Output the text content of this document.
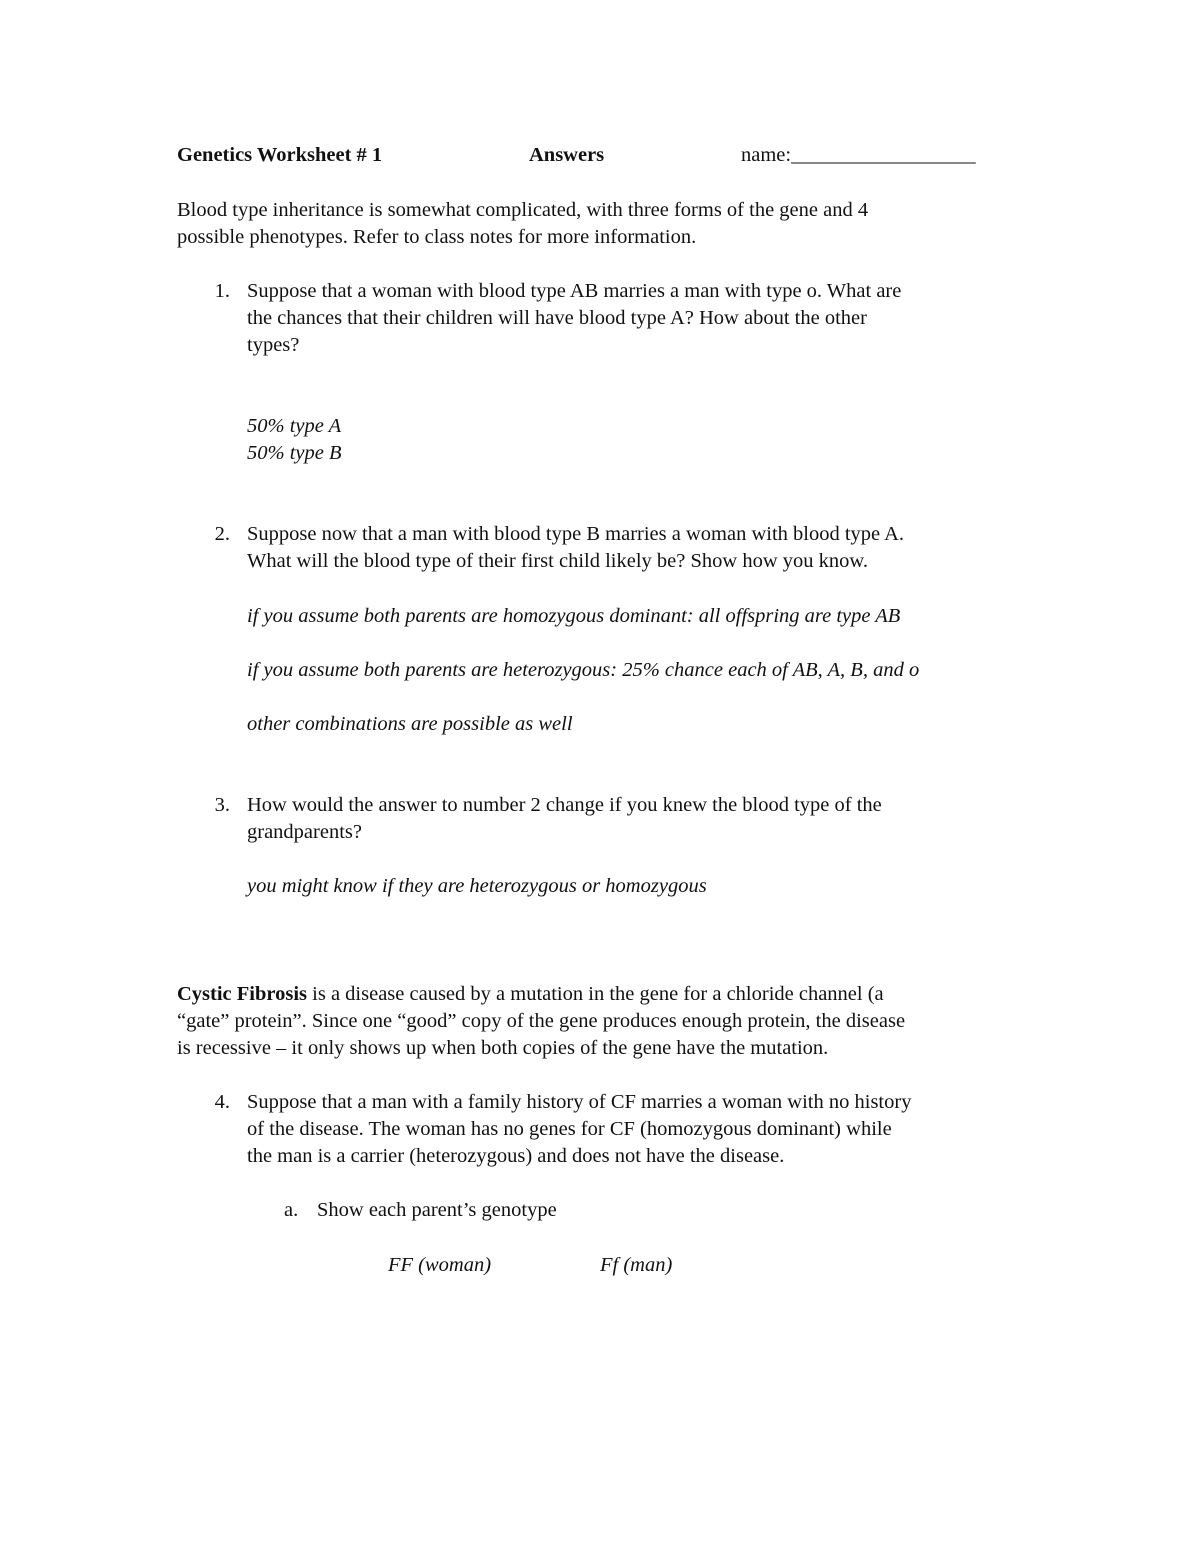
Genetics Worksheet # 1	Answers	name:__________________
Blood type inheritance is somewhat complicated, with three forms of the gene and 4
possible phenotypes. Refer to class notes for more information.
1. Suppose that a woman with blood type AB marries a man with type o. What are
the chances that their children will have blood type A? How about the other
types?
50% type A
50% type B
2. Suppose now that a man with blood type B marries a woman with blood type A.
What will the blood type of their first child likely be? Show how you know.
if you assume both parents are homozygous dominant: all offspring are type AB
if you assume both parents are heterozygous: 25% chance each of AB, A, B, and o
other combinations are possible as well
3. How would the answer to number 2 change if you knew the blood type of the
grandparents?
you might know if they are heterozygous or homozygous
Cystic Fibrosis is a disease caused by a mutation in the gene for a chloride channel (a
“gate” protein”. Since one “good” copy of the gene produces enough protein, the disease
is recessive – it only shows up when both copies of the gene have the mutation.
4. Suppose that a man with a family history of CF marries a woman with no history
of the disease. The woman has no genes for CF (homozygous dominant) while
the man is a carrier (heterozygous) and does not have the disease.
a. Show each parent’s genotype
FF (woman)	Ff (man)
